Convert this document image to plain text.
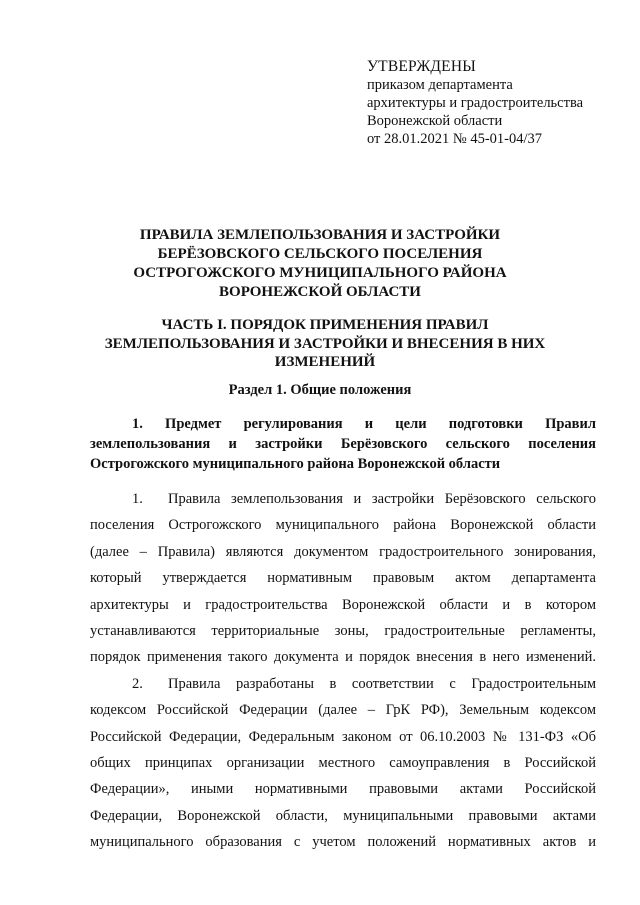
УТВЕРЖДЕНЫ
приказом департамента
архитектуры и градостроительства
Воронежской области
от 28.01.2021 № 45-01-04/37
ПРАВИЛА ЗЕМЛЕПОЛЬЗОВАНИЯ И ЗАСТРОЙКИ
БЕРЁЗОВСКОГО СЕЛЬСКОГО ПОСЕЛЕНИЯ
ОСТРОГОЖСКОГО МУНИЦИПАЛЬНОГО РАЙОНА
ВОРОНЕЖСКОЙ ОБЛАСТИ
ЧАСТЬ I. ПОРЯДОК ПРИМЕНЕНИЯ ПРАВИЛ
ЗЕМЛЕПОЛЬЗОВАНИЯ И ЗАСТРОЙКИ И ВНЕСЕНИЯ В НИХ
ИЗМЕНЕНИЙ
Раздел 1. Общие положения
1. Предмет регулирования и цели подготовки Правил
землепользования и застройки Берёзовского сельского поселения
Острогожского муниципального района Воронежской области
1. Правила землепользования и застройки Берёзовского сельского
поселения Острогожского муниципального района Воронежской области
(далее – Правила) являются документом градостроительного зонирования,
который утверждается нормативным правовым актом департамента
архитектуры и градостроительства Воронежской области и в котором
устанавливаются территориальные зоны, градостроительные регламенты,
порядок применения такого документа и порядок внесения в него изменений.
2. Правила разработаны в соответствии с Градостроительным
кодексом Российской Федерации (далее – ГрК РФ), Земельным кодексом
Российской Федерации, Федеральным законом от 06.10.2003 № 131-ФЗ «Об
общих принципах организации местного самоуправления в Российской
Федерации», иными нормативными правовыми актами Российской
Федерации, Воронежской области, муниципальными правовыми актами
муниципального образования с учетом положений нормативных актов и
